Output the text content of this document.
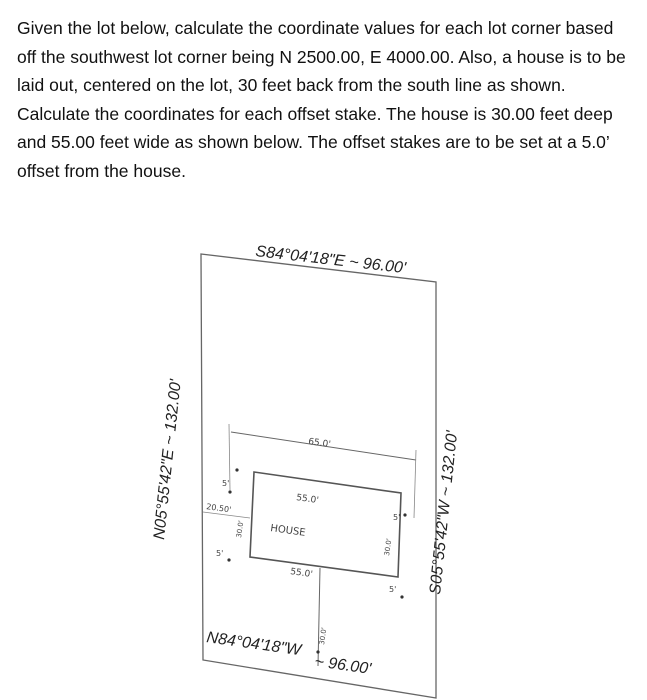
Given the lot below, calculate the coordinate values for each lot corner based off the southwest lot corner being N 2500.00, E 4000.00. Also, a house is to be laid out, centered on the lot, 30 feet back from the south line as shown. Calculate the coordinates for each offset stake. The house is 30.00 feet deep and 55.00 feet wide as shown below. The offset stakes are to be set at a 5.0’ offset from the house.

S84°04'18"E ~ 96.00'
N05°55'42"E ~ 132.00'	S05°55'42"W ~ 132.00'
N84°04'18"W
~ 96.00'
65.0'
55.0'
55.0'
20.50'
30.0'
30.0'
30.0'
5'
5'
5'
5'
HOUSE
